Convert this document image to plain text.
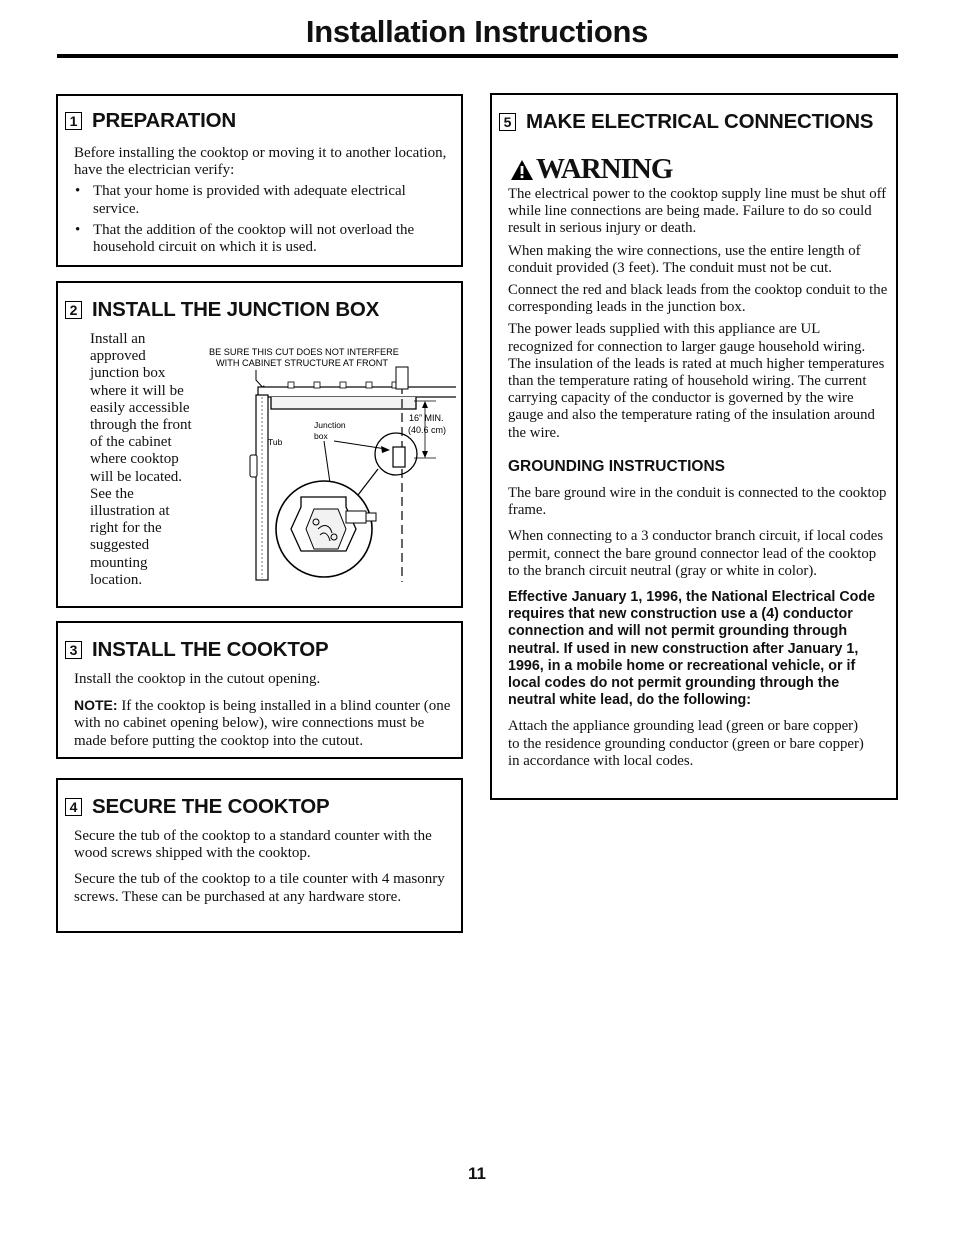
Installation Instructions
1 PREPARATION

Before installing the cooktop or moving it to another location, have the electrician verify:

• That your home is provided with adequate electrical service.
• That the addition of the cooktop will not overload the household circuit on which it is used.
2 INSTALL THE JUNCTION BOX
Install an approved junction box where it will be easily accessible through the front of the cabinet where cooktop will be located. See the illustration at right for the suggested mounting location.
BE SURE THIS CUT DOES NOT INTERFERE
WITH CABINET STRUCTURE AT FRONT
16” MIN.
(40.6 cm)
Tub
Junction
box
3 INSTALL THE COOKTOP

Install the cooktop in the cutout opening.

NOTE: If the cooktop is being installed in a blind counter (one with no cabinet opening below), wire connections must be made before putting the cooktop into the cutout.

4 SECURE THE COOKTOP

Secure the tub of the cooktop to a standard counter with the wood screws shipped with the cooktop.

Secure the tub of the cooktop to a tile counter with 4 masonry screws. These can be purchased at any hardware store.

5 MAKE ELECTRICAL CONNECTIONS
WARNING

The electrical power to the cooktop supply line must be shut off while line connections are being made. Failure to do so could result in serious injury or death.

When making the wire connections, use the entire length of conduit provided (3 feet). The conduit must not be cut.

Connect the red and black leads from the cooktop conduit to the corresponding leads in the junction box.

The power leads supplied with this appliance are UL recognized for connection to larger gauge household wiring. The insulation of the leads is rated at much higher temperatures than the temperature rating of household wiring. The current carrying capacity of the conductor is governed by the wire gauge and also the temperature rating of the insulation around the wire.

GROUNDING INSTRUCTIONS

The bare ground wire in the conduit is connected to the cooktop frame.

When connecting to a 3 conductor branch circuit, if local codes permit, connect the bare ground connector lead of the cooktop to the branch circuit neutral (gray or white in color).

Effective January 1, 1996, the National Electrical Code requires that new construction use a (4) conductor connection and will not permit grounding through neutral. If used in new construction after January 1, 1996, in a mobile home or recreational vehicle, or if local codes do not permit grounding through the neutral white lead, do the following:

Attach the appliance grounding lead (green or bare copper) to the residence grounding conductor (green or bare copper) in accordance with local codes.

11
